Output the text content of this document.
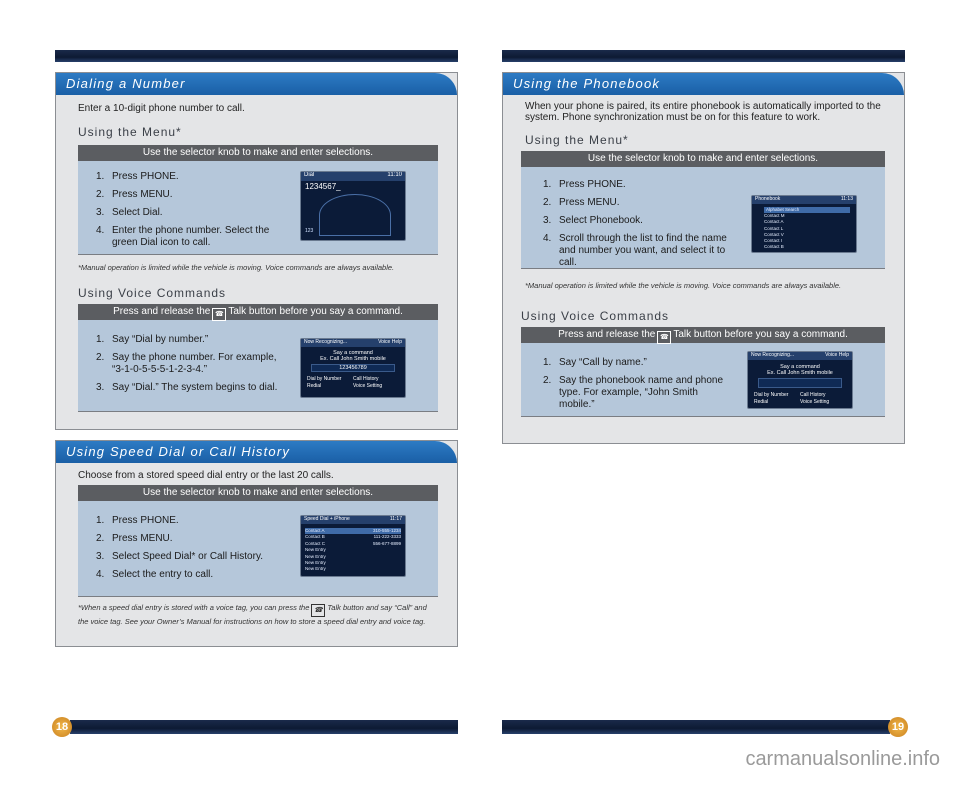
18	19
Dialing a Number
Enter a 10-digit phone number to call.
Using the Menu*
Use the selector knob to make and enter selections.
1. Press PHONE.
2. Press MENU.
3. Select Dial.
4. Enter the phone number. Select the green Dial icon to call.
Dial	11:10
1234567_
123
*Manual operation is limited while the vehicle is moving. Voice commands are always available.
Using Voice Commands
Press and release the ☎ Talk button before you say a command.
1. Say “Dial by number.”
2. Say the phone number. For example, “3-1-0-5-5-5-1-2-3-4.”
3. Say “Dial.” The system begins to dial.
Now Recognizing...	Voice Help
Say a command
Ex. Call John Smith mobile
123456789
Dial by Number	Call History
Redial	Voice Setting
Using Speed Dial or Call History
Choose from a stored speed dial entry or the last 20 calls.
Use the selector knob to make and enter selections.
1. Press PHONE.
2. Press MENU.
3. Select Speed Dial* or Call History.
4. Select the entry to call.
Speed Dial + iPhone	11:17
Contact A	310-555-1234
Contact B	111-222-3333
Contact C	556-677-8899
New Entry
New Entry
New Entry
New Entry
*When a speed dial entry is stored with a voice tag, you can press the ☎ Talk button and say “Call” and the voice tag. See your Owner’s Manual for instructions on how to store a speed dial entry and voice tag.
Using the Phonebook
When your phone is paired, its entire phonebook is automatically imported to the system. Phone synchronization must be on for this feature to work.
Using the Menu*
Use the selector knob to make and enter selections.
1. Press PHONE.
2. Press MENU.
3. Select Phonebook.
4. Scroll through the list to find the name and number you want, and select it to call.
Phonebook	11:13
Alphabet Search
Contact M
Contact A
Contact L
Contact V
Contact I
Contact B
*Manual operation is limited while the vehicle is moving. Voice commands are always available.
Using Voice Commands
Press and release the ☎ Talk button before you say a command.
1. Say “Call by name.”
2. Say the phonebook name and phone type. For example, “John Smith mobile.”
Now Recognizing...	Voice Help
Say a command
Ex. Call John Smith mobile
Dial by Number	Call History
Redial	Voice Setting
carmanualsonline.info
